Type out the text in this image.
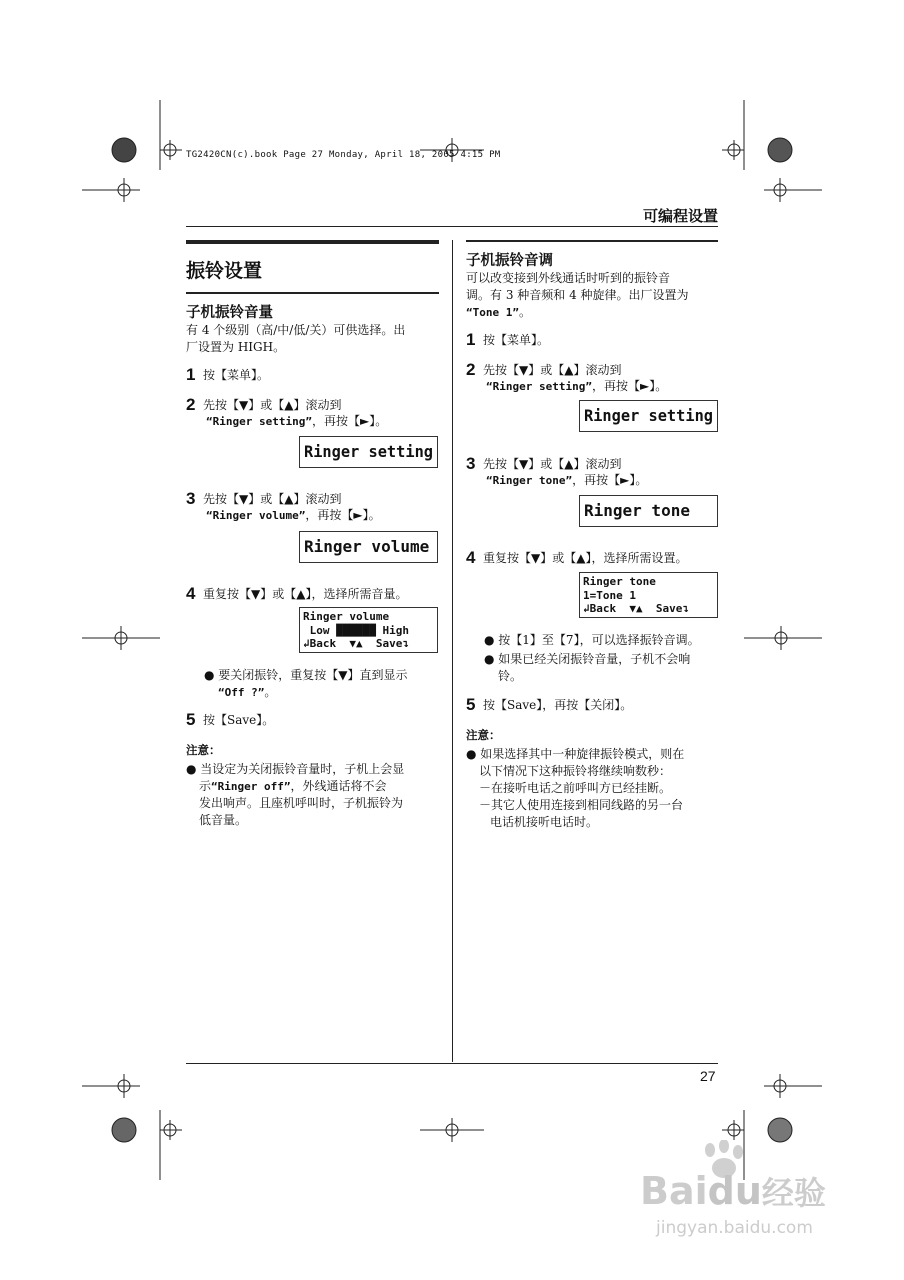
TG2420CN(c).book Page 27 Monday, April 18, 2005 4:15 PM
可编程设置
振铃设置
子机振铃音量
有 4 个级别（高/中/低/关）可供选择。出
厂设置为 HIGH。
1 按【菜单】。
2 先按【▼】或【▲】滚动到
“Ringer setting”，再按【►】。
Ringer setting
3 先按【▼】或【▲】滚动到
“Ringer volume”，再按【►】。
Ringer volume
4 重复按【▼】或【▲】，选择所需音量。
Ringer volume
Low ██████ High
↲Back  ▼▲  Save↴
● 要关闭振铃，重复按【▼】直到显示
“Off ?”。
5 按【Save】。
注意：
● 当设定为关闭振铃音量时，子机上会显
示“Ringer off”，外线通话将不会
发出响声。且座机呼叫时，子机振铃为
低音量。
子机振铃音调
可以改变接到外线通话时听到的振铃音
调。有 3 种音频和 4 种旋律。出厂设置为
“Tone 1”。
1 按【菜单】。
2 先按【▼】或【▲】滚动到
“Ringer setting”，再按【►】。
Ringer setting
3 先按【▼】或【▲】滚动到
“Ringer tone”，再按【►】。
Ringer tone
4 重复按【▼】或【▲】，选择所需设置。
Ringer tone
1=Tone 1
↲Back  ▼▲  Save↴
● 按【1】至【7】，可以选择振铃音调。
● 如果已经关闭振铃音量，子机不会响
铃。
5 按【Save】，再按【关闭】。
注意：
● 如果选择其中一种旋律振铃模式，则在
以下情况下这种振铃将继续响数秒：
－在接听电话之前呼叫方已经挂断。
－其它人使用连接到相同线路的另一台
电话机接听电话时。
27
Baidu经验
jingyan.baidu.com
